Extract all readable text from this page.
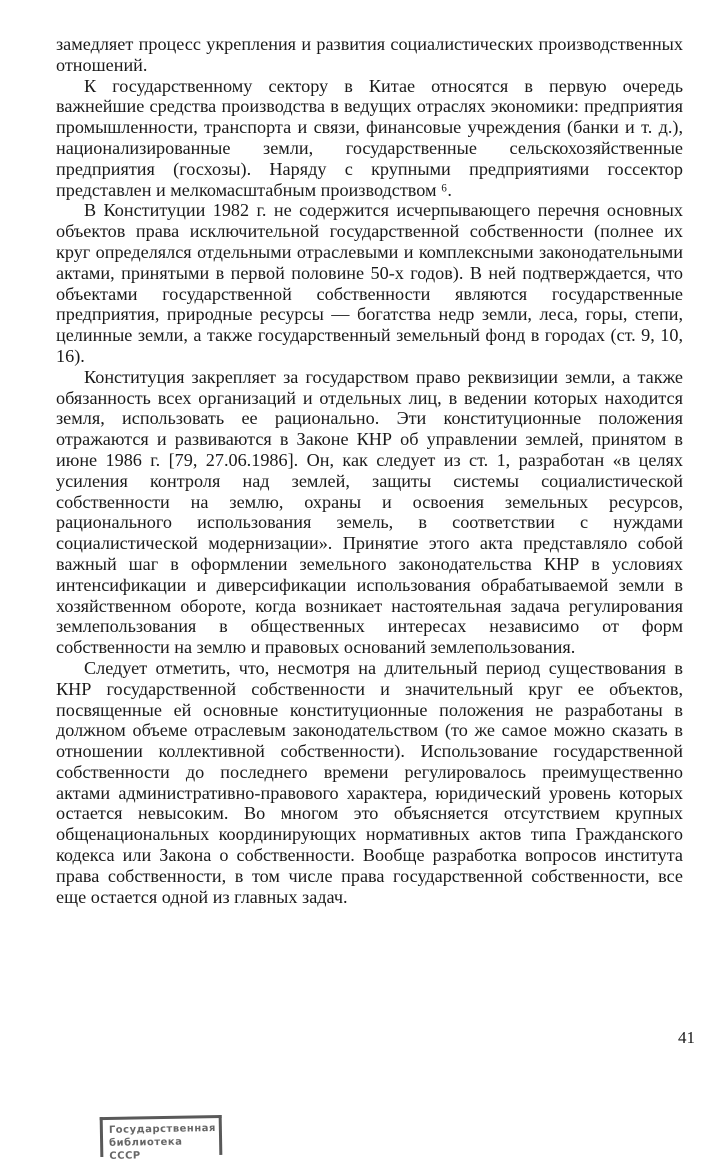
замедляет процесс укрепления и развития социалистических производственных отношений.

К государственному сектору в Китае относятся в первую очередь важнейшие средства производства в ведущих отраслях экономики: предприятия промышленности, транспорта и связи, финансовые учреждения (банки и т. д.), национализированные земли, государственные сельскохозяйственные предприятия (госхозы). Наряду с крупными предприятиями госсектор представлен и мелкомасштабным производством ⁶.

В Конституции 1982 г. не содержится исчерпывающего перечня основных объектов права исключительной государственной собственности (полнее их круг определялся отдельными отраслевыми и комплексными законодательными актами, принятыми в первой половине 50-х годов). В ней подтверждается, что объектами государственной собственности являются государственные предприятия, природные ресурсы — богатства недр земли, леса, горы, степи, целинные земли, а также государственный земельный фонд в городах (ст. 9, 10, 16).

Конституция закрепляет за государством право реквизиции земли, а также обязанность всех организаций и отдельных лиц, в ведении которых находится земля, использовать ее рационально. Эти конституционные положения отражаются и развиваются в Законе КНР об управлении землей, принятом в июне 1986 г. [79, 27.06.1986]. Он, как следует из ст. 1, разработан «в целях усиления контроля над землей, защиты системы социалистической собственности на землю, охраны и освоения земельных ресурсов, рационального использования земель, в соответствии с нуждами социалистической модернизации». Принятие этого акта представляло собой важный шаг в оформлении земельного законодательства КНР в условиях интенсификации и диверсификации использования обрабатываемой земли в хозяйственном обороте, когда возникает настоятельная задача регулирования землепользования в общественных интересах независимо от форм собственности на землю и правовых оснований землепользования.

Следует отметить, что, несмотря на длительный период существования в КНР государственной собственности и значительный круг ее объектов, посвященные ей основные конституционные положения не разработаны в должном объеме отраслевым законодательством (то же самое можно сказать в отношении коллективной собственности). Использование государственной собственности до последнего времени регулировалось преимущественно актами административно-правового характера, юридический уровень которых остается невысоким. Во многом это объясняется отсутствием крупных общенациональных координирующих нормативных актов типа Гражданского кодекса или Закона о собственности. Вообще разработка вопросов института права собственности, в том числе права государственной собственности, все еще остается одной из главных задач.

41
Государственная
библиотека СССР
